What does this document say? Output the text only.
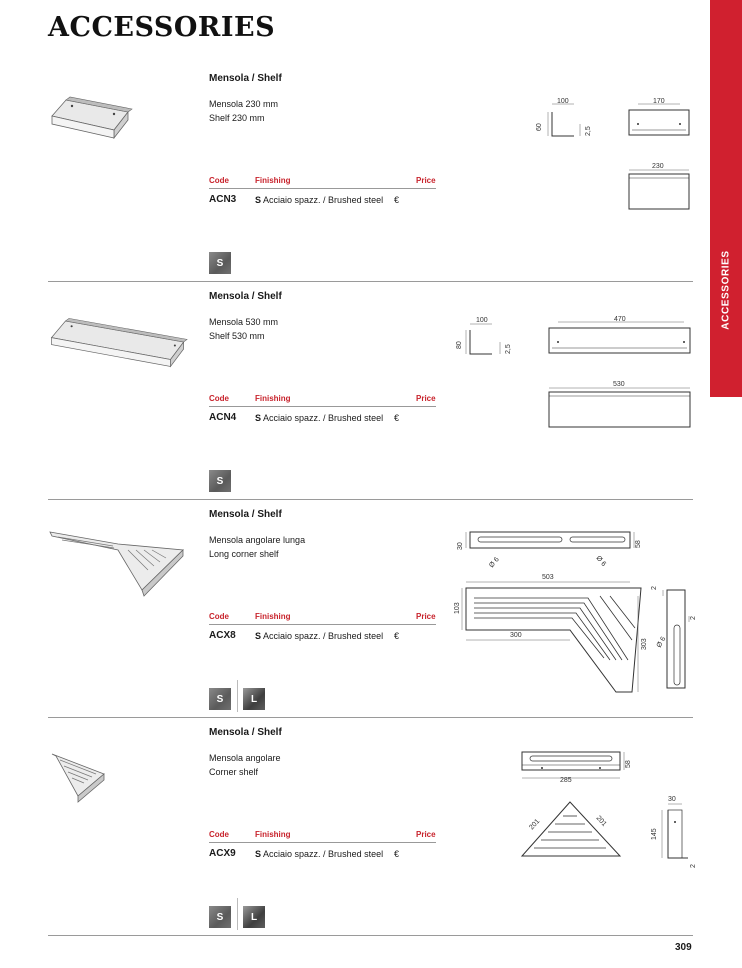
ACCESSORIES
ACCESSORIES
Mensola / Shelf
Mensola 230 mm
Shelf 230 mm
Code	Finishing	Price
ACN3 S Acciaio spazz. / Brushed steel €
S
100
60	2,5
170
230
Mensola / Shelf
Mensola 530 mm
Shelf 530 mm
Code	Finishing	Price
ACN4 S Acciaio spazz. / Brushed steel €
S
100
80	2,5
470
530
Mensola / Shelf
Mensola angolare lunga
Long corner shelf
Code	Finishing	Price
ACX8 S Acciaio spazz. / Brushed steel €
S	L
30	58
Ø 6	Ø 6
503
103
300
303
2
2
Ø 6
Mensola / Shelf
Mensola angolare
Corner shelf
Code	Finishing	Price
ACX9 S Acciaio spazz. / Brushed steel €
S	L
58
285
201	201
30
145
2
309
